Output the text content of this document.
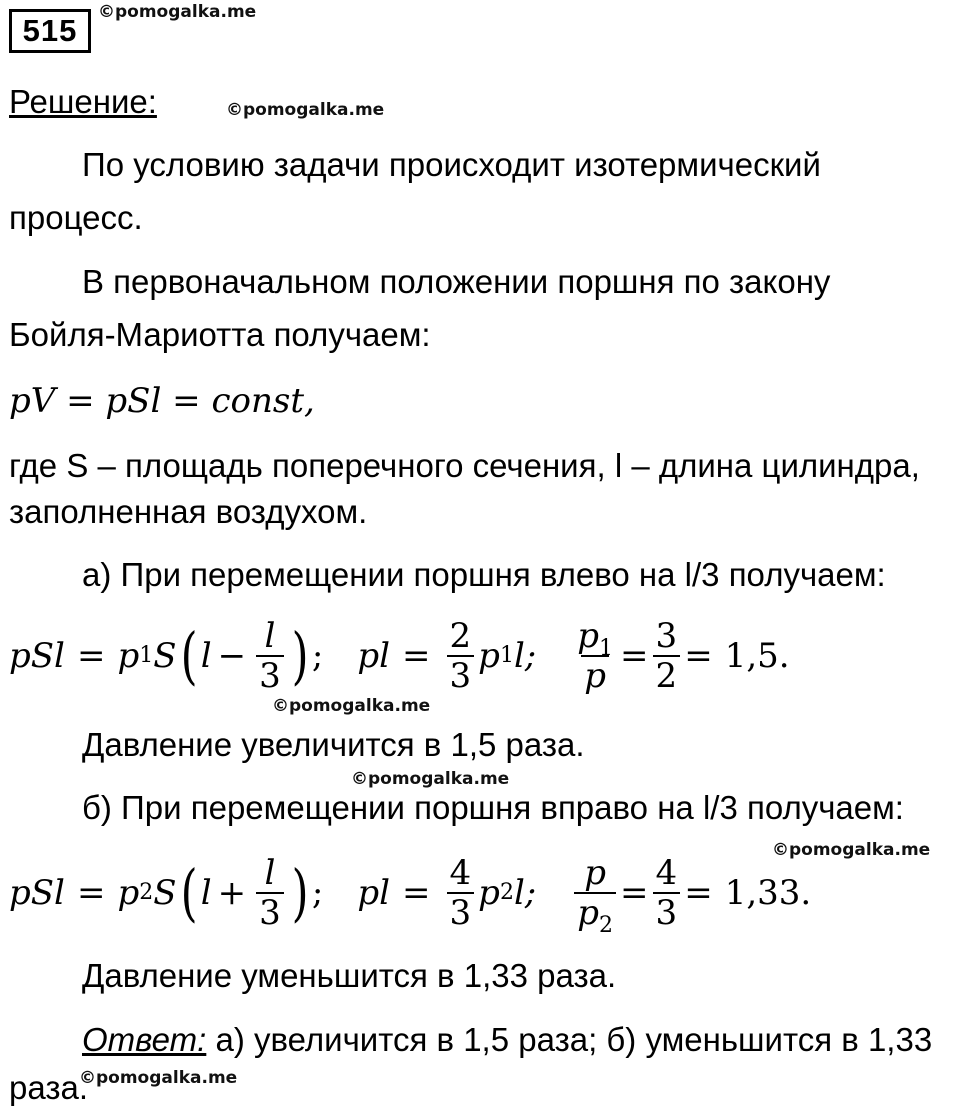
515
©pomogalka.me
Решение:	©pomogalka.me
По условию задачи происходит изотермический
процесс.
В первоначальном положении поршня по закону
Бойля-Мариотта получаем:
pV = pSl = const,
где S – площадь поперечного сечения, l – длина цилиндра,
заполненная воздухом.
а) При перемещении поршня влево на l/3 получаем:
pSl = p 1 S ( $l - \frac{l}{3}$ ) ; pl = $\frac{2}{3}$ p 1 l; $\frac{p_1}{p} = \frac{3}{2} = 1,5$.
©pomogalka.me
Давление увеличится в 1,5 раза.
©pomogalka.me
б) При перемещении поршня вправо на l/3 получаем:
©pomogalka.me
pSl = p 2 S ( $l + \frac{l}{3}$ ) ; pl = $\frac{4}{3}$ p 2 l; $\frac{p}{p_2} = \frac{4}{3} = 1,33$.
Давление уменьшится в 1,33 раза.
Ответ: а) увеличится в 1,5 раза; б) уменьшится в 1,33
раза.
©pomogalka.me
